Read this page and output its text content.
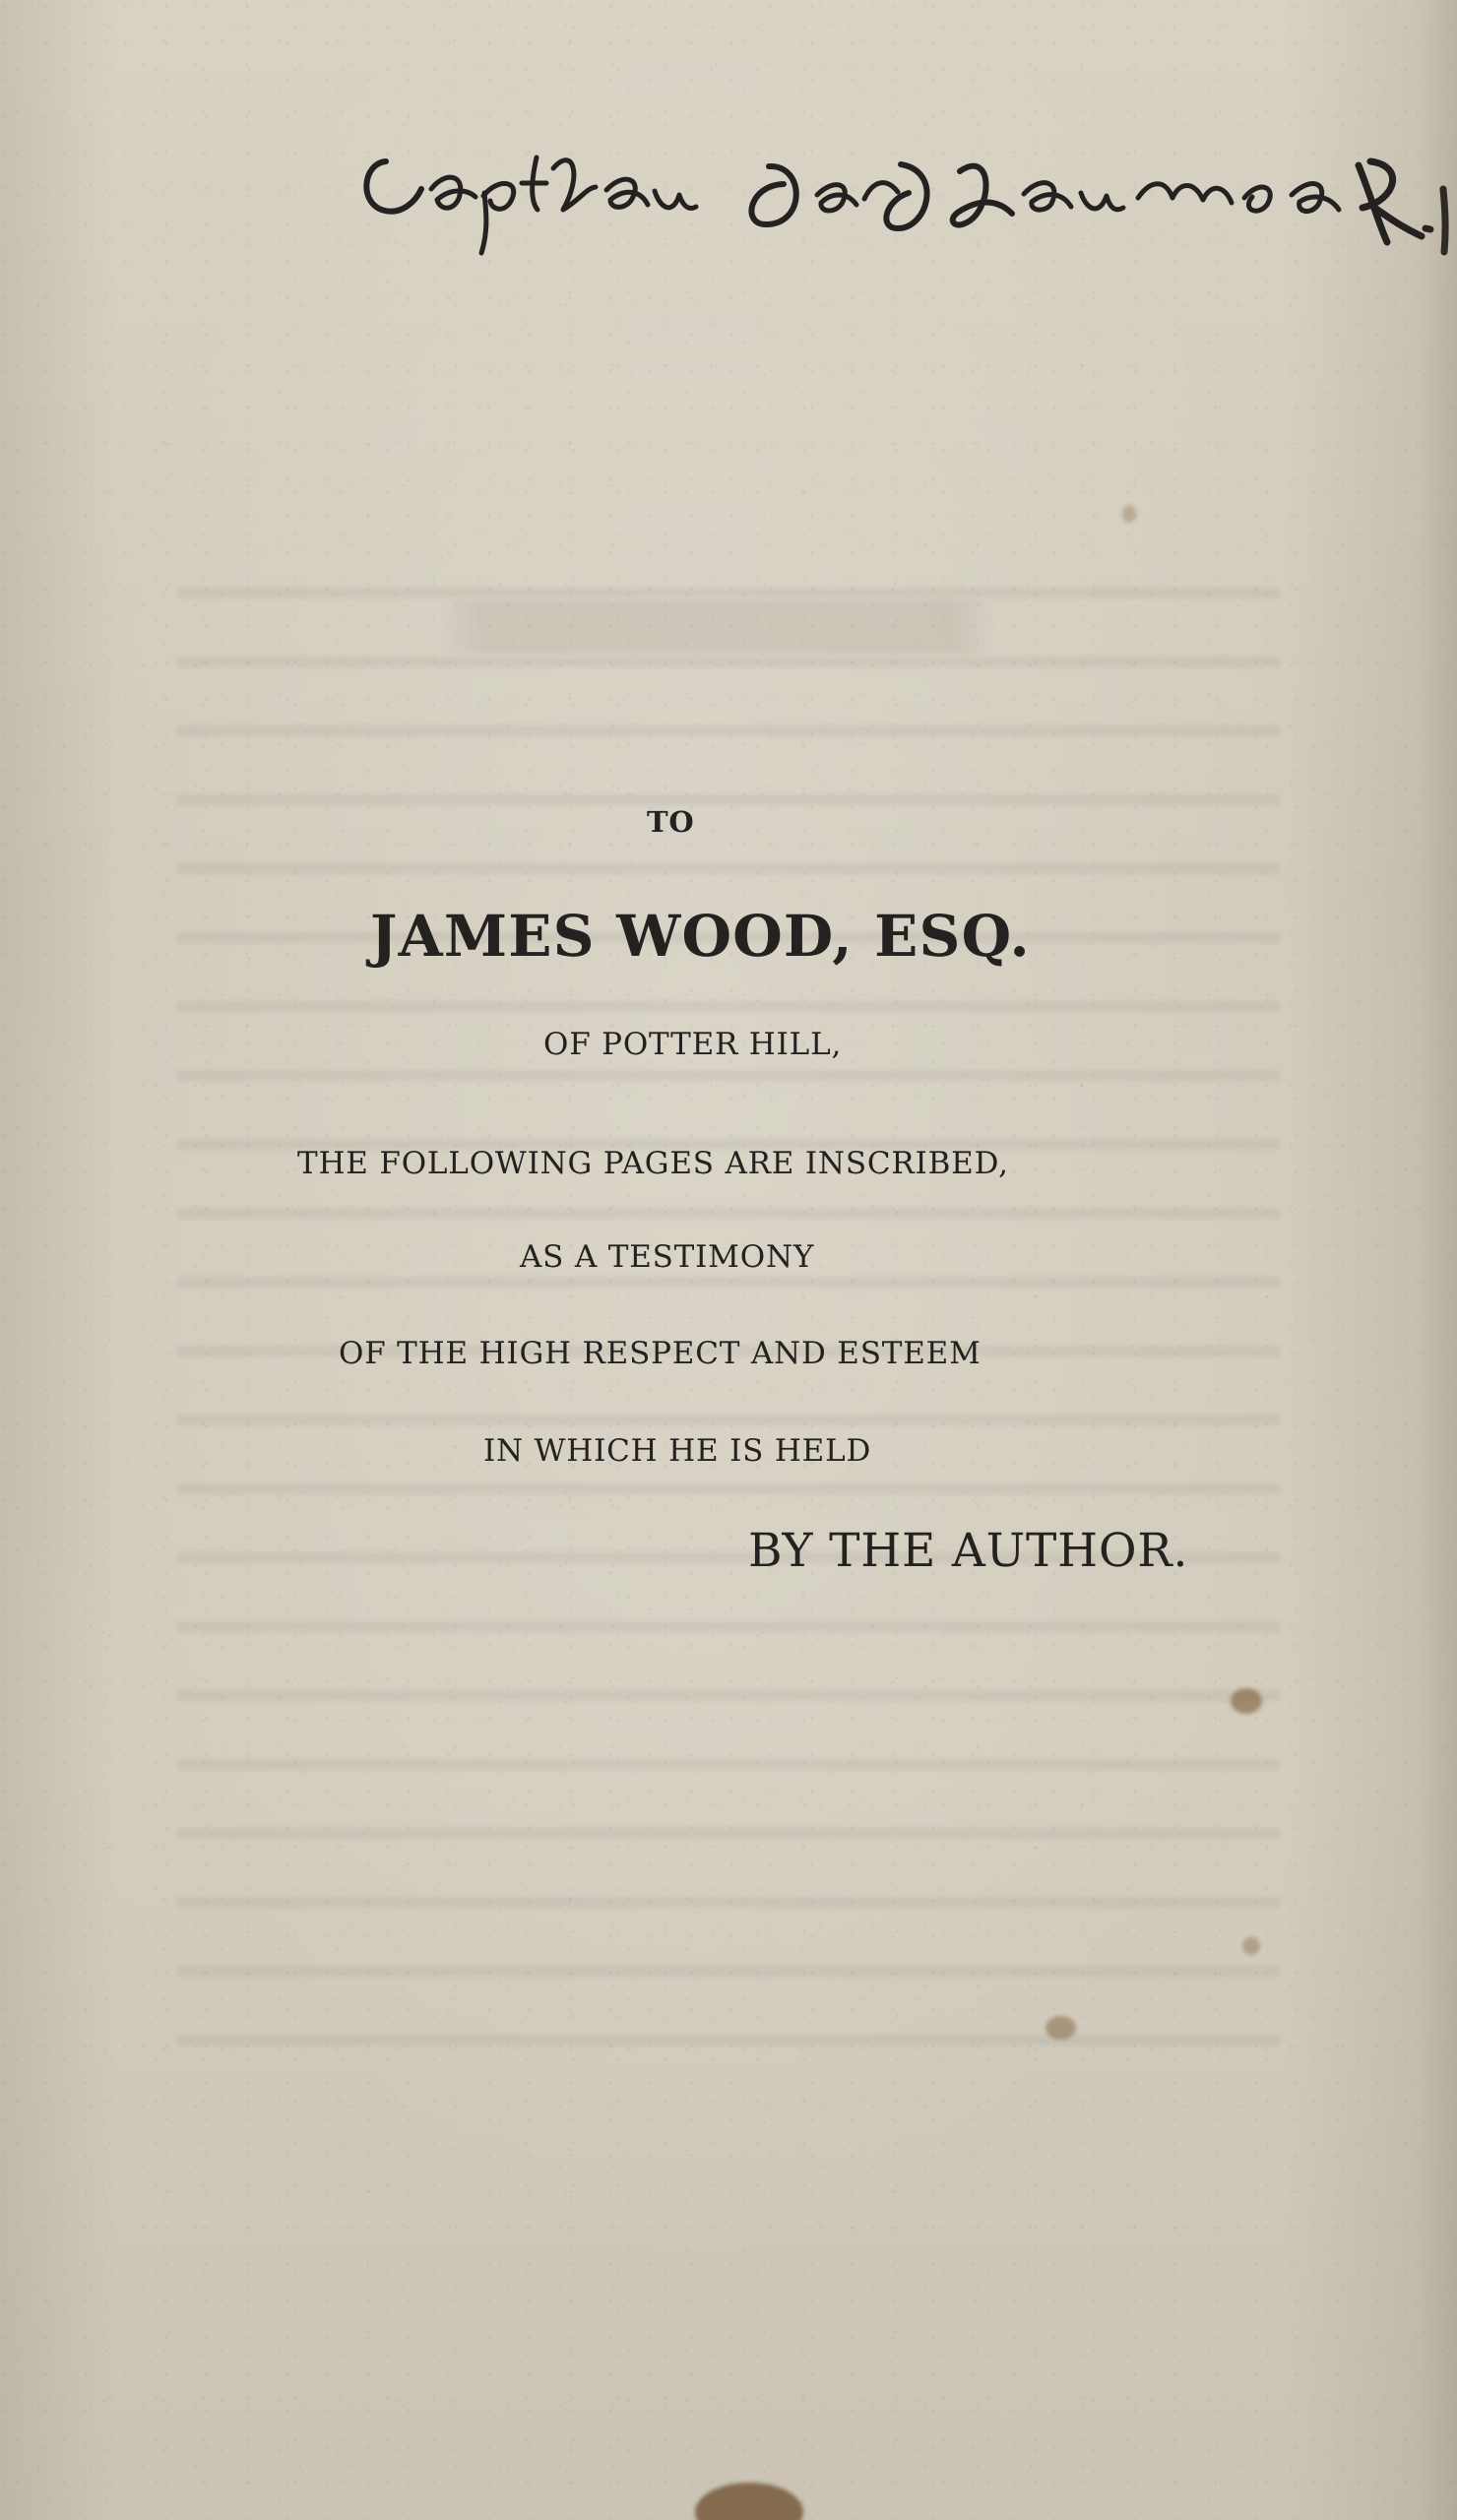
TO

JAMES WOOD, ESQ.

OF POTTER HILL,

THE FOLLOWING PAGES ARE INSCRIBED,

AS A TESTIMONY

OF THE HIGH RESPECT AND ESTEEM

IN WHICH HE IS HELD

BY THE AUTHOR.
